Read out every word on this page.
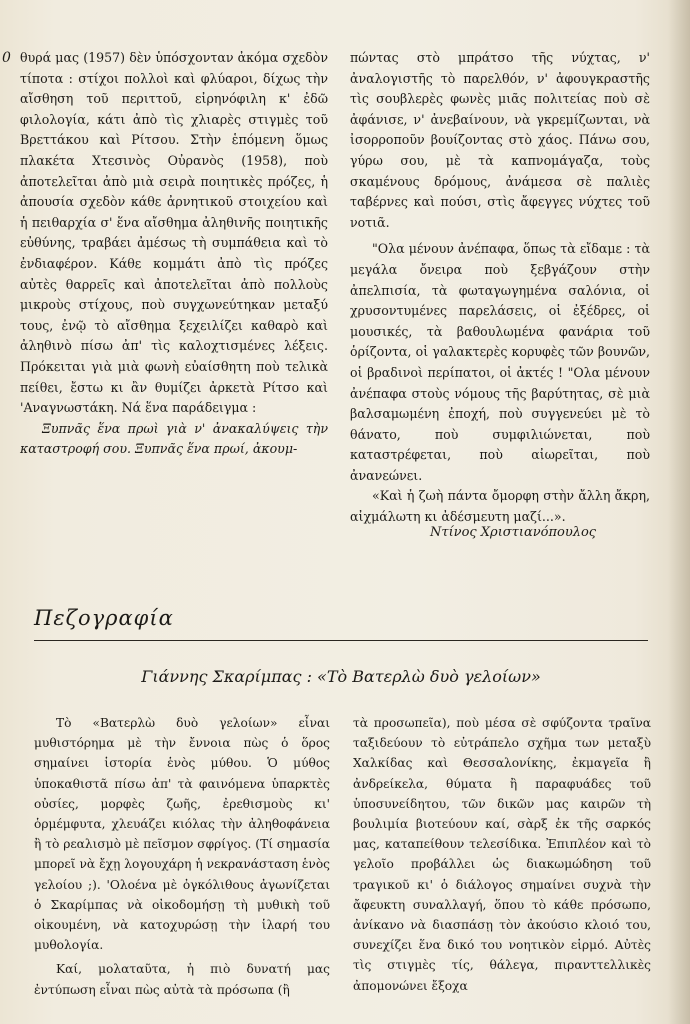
0 θυρά μας (1957) δὲν ὑπόσχονταν ἀκόμα σχεδὸν τίποτα : στίχοι πολλοὶ καὶ φλύαροι, δίχως τὴν αἴσθηση τοῦ περιττοῦ, εἰρηνόφιλη κ' ἐδῶ φιλολογία, κάτι ἀπὸ τὶς χλιαρὲς στιγμὲς τοῦ Βρεττάκου καὶ Ρίτσου. Στὴν ἑπόμενη ὅμως πλακέτα Χτεσινὸς Οὐρανὸς (1958), ποὺ ἀποτελεῖται ἀπὸ μιὰ σειρὰ ποιητικὲς πρόζες, ἡ ἀπουσία σχεδὸν κάθε ἀρνητικοῦ στοιχείου καὶ ἡ πειθαρχία σ' ἕνα αἴσθημα ἀληθινῆς ποιητικῆς εὐθύνης, τραβάει ἀμέσως τὴ συμπάθεια καὶ τὸ ἐνδιαφέρον. Κάθε κομμάτι ἀπὸ τὶς πρόζες αὐτὲς θαρρεῖς καὶ ἀποτελεῖται ἀπὸ πολλοὺς μικροὺς στίχους, ποὺ συγχωνεύτηκαν μεταξύ τους, ἐνῷ τὸ αἴσθημα ξεχειλίζει καθαρὸ καὶ ἀληθινὸ πίσω ἀπ' τὶς καλοχτισμένες λέξεις. Πρόκειται γιὰ μιὰ φωνὴ εὐαίσθητη ποὺ τελικὰ πείθει, ἔστω κι ἂν θυμίζει ἀρκετὰ Ρίτσο καὶ 'Αναγνωστάκη. Νά ἕνα παράδειγμα :

Ξυπνᾶς ἕνα πρωὶ γιὰ ν' ἀνακαλύψεις τὴν καταστροφή σου. Ξυπνᾶς ἕνα πρωί, ἀκουμ-

πώντας στὸ μπράτσο τῆς νύχτας, ν' ἀναλογιστῆς τὸ παρελθόν, ν' ἀφουγκραστῆς τὶς σουβλερὲς φωνὲς μιᾶς πολιτείας ποὺ σὲ ἀφάνισε, ν' ἀνεβαίνουν, νὰ γκρεμίζωνται, νὰ ἰσορροποῦν βουίζοντας στὸ χάος. Πάνω σου, γύρω σου, μὲ τὰ καπνομάγαζα, τοὺς σκαμένους δρόμους, ἀνάμεσα σὲ παλιὲς ταβέρνες καὶ πούσι, στὶς ἄφεγγες νύχτες τοῦ νοτιᾶ.

"Ολα μένουν ἀνέπαφα, ὅπως τὰ εἴδαμε : τὰ μεγάλα ὄνειρα ποὺ ξεβγάζουν στὴν ἀπελπισία, τὰ φωταγωγημένα σαλόνια, οἱ χρυσοντυμένες παρελάσεις, οἱ ἐξέδρες, οἱ μουσικές, τὰ βαθουλωμένα φανάρια τοῦ ὁρίζοντα, οἱ γαλακτερὲς κορυφὲς τῶν βουνῶν, οἱ βραδινοὶ περίπατοι, οἱ ἀκτές ! "Ολα μένουν ἀνέπαφα στοὺς νόμους τῆς βαρύτητας, σὲ μιὰ βαλσαμωμένη ἐποχή, ποὺ συγγενεύει μὲ τὸ θάνατο, ποὺ συμφιλιώνεται, ποὺ καταστρέφεται, ποὺ αἰωρεῖται, ποὺ ἀνανεώνει.

«Καὶ ἡ ζωὴ πάντα ὄμορφη στὴν ἄλλη ἄκρη, αἰχμάλωτη κι ἀδέσμευτη μαζί...».

Ντίνος Χριστιανόπουλος
Πεζογραφία
Γιάννης Σκαρίμπας : «Τὸ Βατερλὼ δυὸ γελοίων»

Τὸ «Βατερλὼ δυὸ γελοίων» εἶναι μυθιστόρημα μὲ τὴν ἔννοια πὼς ὁ ὅρος σημαίνει ἱστορία ἑνὸς μύθου. Ὁ μύθος ὑποκαθιστᾶ πίσω ἀπ' τὰ φαινόμενα ὑπαρκτὲς οὐσίες, μορφὲς ζωῆς, ἐρεθισμοὺς κι' ὁρμέμφυτα, χλευάζει κιόλας τὴν ἀληθοφάνεια ἢ τὸ ρεαλισμὸ μὲ πεῖσμον σφρίγος. (Τί σημασία μπορεῖ νὰ ἔχῃ λογουχάρη ἡ νεκρανάσταση ἑνὸς γελοίου ;). 'Ολοένα μὲ ὀγκόλιθους ἀγωνίζεται ὁ Σκαρίμπας νὰ οἰκοδομήσῃ τὴ μυθικὴ τοῦ οἰκουμένη, νὰ κατοχυρώσῃ τὴν ἱλαρή του μυθολογία.

Καί, μολαταῦτα, ἡ πιὸ δυνατή μας ἐντύπωση εἶναι πὼς αὐτὰ τὰ πρόσωπα (ἢ

τὰ προσωπεῖα), ποὺ μέσα σὲ σφύζοντα τραῖνα ταξιδεύουν τὸ εὐτράπελο σχῆμα των μεταξὺ Χαλκίδας καὶ Θεσσαλονίκης, ἐκμαγεῖα ἢ ἀνδρείκελα, θύματα ἢ παραφυάδες τοῦ ὑποσυνείδητου, τῶν δικῶν μας καιρῶν τὴ βουλιμία βιοτεύουν καί, σὰρξ ἐκ τῆς σαρκός μας, καταπείθουν τελεσίδικα. Ἐπιπλέον καὶ τὸ γελοῖο προβάλλει ὡς διακωμώδηση τοῦ τραγικοῦ κι' ὁ διάλογος σημαίνει συχνὰ τὴν ἄφευκτη συναλλαγή, ὅπου τὸ κάθε πρόσωπο, ἀνίκανο νὰ διασπάσῃ τὸν ἀκούσιο κλοιό του, συνεχίζει ἕνα δικό του νοητικὸν εἱρμό. Αὐτὲς τὶς στιγμὲς τίς, θάλεγα, πιρανττελλικὲς ἀπομονώνει ἔξοχα
